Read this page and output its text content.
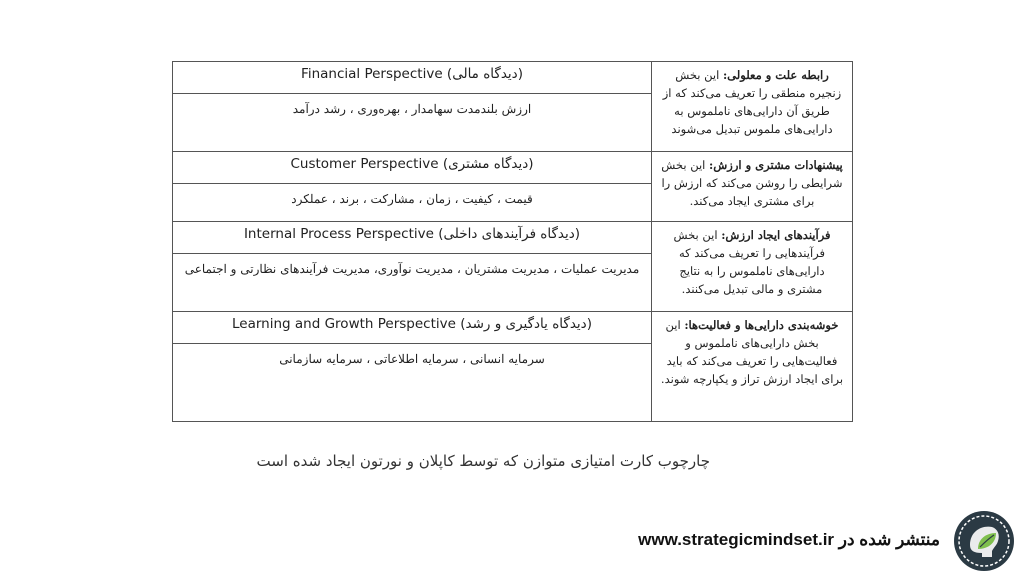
Financial Perspective (دیدگاه مالی)
ارزش بلندمدت سهامدار ، بهره‌وری ، رشد درآمد	رابطه علت و معلولی: این بخش زنجیره منطقی را تعریف می‌کند که از طریق آن دارایی‌های ناملموس به دارایی‌های ملموس تبدیل می‌شوند

Customer Perspective (دیدگاه مشتری)
قیمت ، کیفیت ، زمان ، مشارکت ، برند ، عملکرد	پیشنهادات مشتری و ارزش: این بخش شرایطی را روشن می‌کند که ارزش را برای مشتری ایجاد می‌کند.

Internal Process Perspective (دیدگاه فرآیندهای داخلی)
مدیریت عملیات ، مدیریت مشتریان ، مدیریت نوآوری، مدیریت فرآیندهای نظارتی و اجتماعی	فرآیندهای ایجاد ارزش: این بخش فرآیندهایی را تعریف می‌کند که دارایی‌های ناملموس را به نتایج مشتری و مالی تبدیل می‌کنند.

Learning and Growth Perspective (دیدگاه یادگیری و رشد)
سرمایه انسانی ، سرمایه اطلاعاتی ، سرمایه سازمانی	خوشه‌بندی دارایی‌ها و فعالیت‌ها: این بخش دارایی‌های ناملموس و فعالیت‌هایی را تعریف می‌کند که باید برای ایجاد ارزش تراز و یکپارچه شوند.
چارچوب کارت امتیازی متوازن که توسط کاپلان و نورتون ایجاد شده است
www.strategicmindset.ir منتشر شده در
